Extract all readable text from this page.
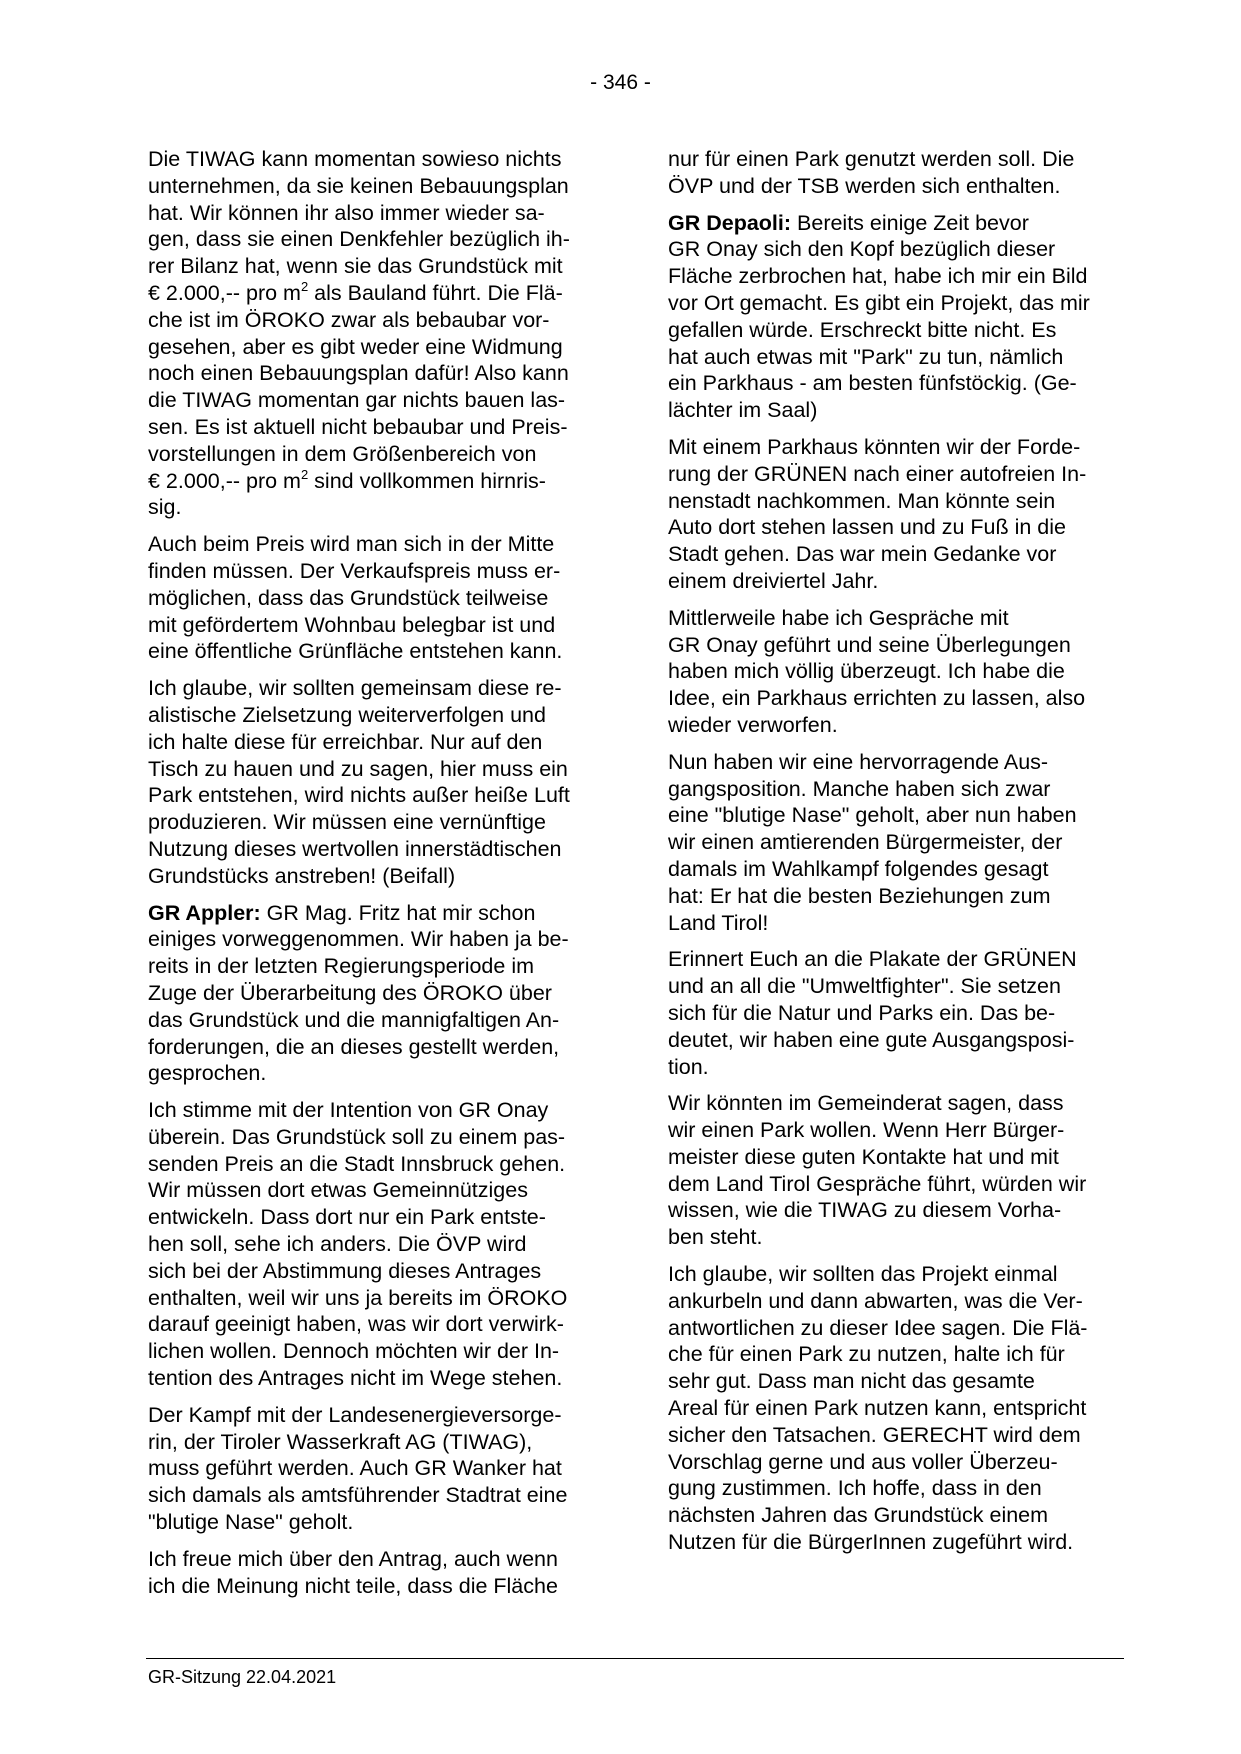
- 346 -

Die TIWAG kann momentan sowieso nichts
unternehmen, da sie keinen Bebauungsplan
hat. Wir können ihr also immer wieder sa-
gen, dass sie einen Denkfehler bezüglich ih-
rer Bilanz hat, wenn sie das Grundstück mit
€ 2.000,-- pro $m^2$ als Bauland führt. Die Flä-
che ist im ÖROKO zwar als bebaubar vor-
gesehen, aber es gibt weder eine Widmung
noch einen Bebauungsplan dafür! Also kann
die TIWAG momentan gar nichts bauen las-
sen. Es ist aktuell nicht bebaubar und Preis-
vorstellungen in dem Größenbereich von
€ 2.000,-- pro $m^2$ sind vollkommen hirnris-
sig.

Auch beim Preis wird man sich in der Mitte
finden müssen. Der Verkaufspreis muss er-
möglichen, dass das Grundstück teilweise
mit gefördertem Wohnbau belegbar ist und
eine öffentliche Grünfläche entstehen kann.

Ich glaube, wir sollten gemeinsam diese re-
alistische Zielsetzung weiterverfolgen und
ich halte diese für erreichbar. Nur auf den
Tisch zu hauen und zu sagen, hier muss ein
Park entstehen, wird nichts außer heiße Luft
produzieren. Wir müssen eine vernünftige
Nutzung dieses wertvollen innerstädtischen
Grundstücks anstreben! (Beifall)

GR Appler: GR Mag. Fritz hat mir schon
einiges vorweggenommen. Wir haben ja be-
reits in der letzten Regierungsperiode im
Zuge der Überarbeitung des ÖROKO über
das Grundstück und die mannigfaltigen An-
forderungen, die an dieses gestellt werden,
gesprochen.

Ich stimme mit der Intention von GR Onay
überein. Das Grundstück soll zu einem pas-
senden Preis an die Stadt Innsbruck gehen.
Wir müssen dort etwas Gemeinnütziges
entwickeln. Dass dort nur ein Park entste-
hen soll, sehe ich anders. Die ÖVP wird
sich bei der Abstimmung dieses Antrages
enthalten, weil wir uns ja bereits im ÖROKO
darauf geeinigt haben, was wir dort verwirk-
lichen wollen. Dennoch möchten wir der In-
tention des Antrages nicht im Wege stehen.

Der Kampf mit der Landesenergieversorge-
rin, der Tiroler Wasserkraft AG (TIWAG),
muss geführt werden. Auch GR Wanker hat
sich damals als amtsführender Stadtrat eine
"blutige Nase" geholt.

Ich freue mich über den Antrag, auch wenn
ich die Meinung nicht teile, dass die Fläche

nur für einen Park genutzt werden soll. Die
ÖVP und der TSB werden sich enthalten.

GR Depaoli: Bereits einige Zeit bevor
GR Onay sich den Kopf bezüglich dieser
Fläche zerbrochen hat, habe ich mir ein Bild
vor Ort gemacht. Es gibt ein Projekt, das mir
gefallen würde. Erschreckt bitte nicht. Es
hat auch etwas mit "Park" zu tun, nämlich
ein Parkhaus - am besten fünfstöckig. (Ge-
lächter im Saal)

Mit einem Parkhaus könnten wir der Forde-
rung der GRÜNEN nach einer autofreien In-
nenstadt nachkommen. Man könnte sein
Auto dort stehen lassen und zu Fuß in die
Stadt gehen. Das war mein Gedanke vor
einem dreiviertel Jahr.

Mittlerweile habe ich Gespräche mit
GR Onay geführt und seine Überlegungen
haben mich völlig überzeugt. Ich habe die
Idee, ein Parkhaus errichten zu lassen, also
wieder verworfen.

Nun haben wir eine hervorragende Aus-
gangsposition. Manche haben sich zwar
eine "blutige Nase" geholt, aber nun haben
wir einen amtierenden Bürgermeister, der
damals im Wahlkampf folgendes gesagt
hat: Er hat die besten Beziehungen zum
Land Tirol!

Erinnert Euch an die Plakate der GRÜNEN
und an all die "Umweltfighter". Sie setzen
sich für die Natur und Parks ein. Das be-
deutet, wir haben eine gute Ausgangsposi-
tion.

Wir könnten im Gemeinderat sagen, dass
wir einen Park wollen. Wenn Herr Bürger-
meister diese guten Kontakte hat und mit
dem Land Tirol Gespräche führt, würden wir
wissen, wie die TIWAG zu diesem Vorha-
ben steht.

Ich glaube, wir sollten das Projekt einmal
ankurbeln und dann abwarten, was die Ver-
antwortlichen zu dieser Idee sagen. Die Flä-
che für einen Park zu nutzen, halte ich für
sehr gut. Dass man nicht das gesamte
Areal für einen Park nutzen kann, entspricht
sicher den Tatsachen. GERECHT wird dem
Vorschlag gerne und aus voller Überzeu-
gung zustimmen. Ich hoffe, dass in den
nächsten Jahren das Grundstück einem
Nutzen für die BürgerInnen zugeführt wird.

GR-Sitzung 22.04.2021
